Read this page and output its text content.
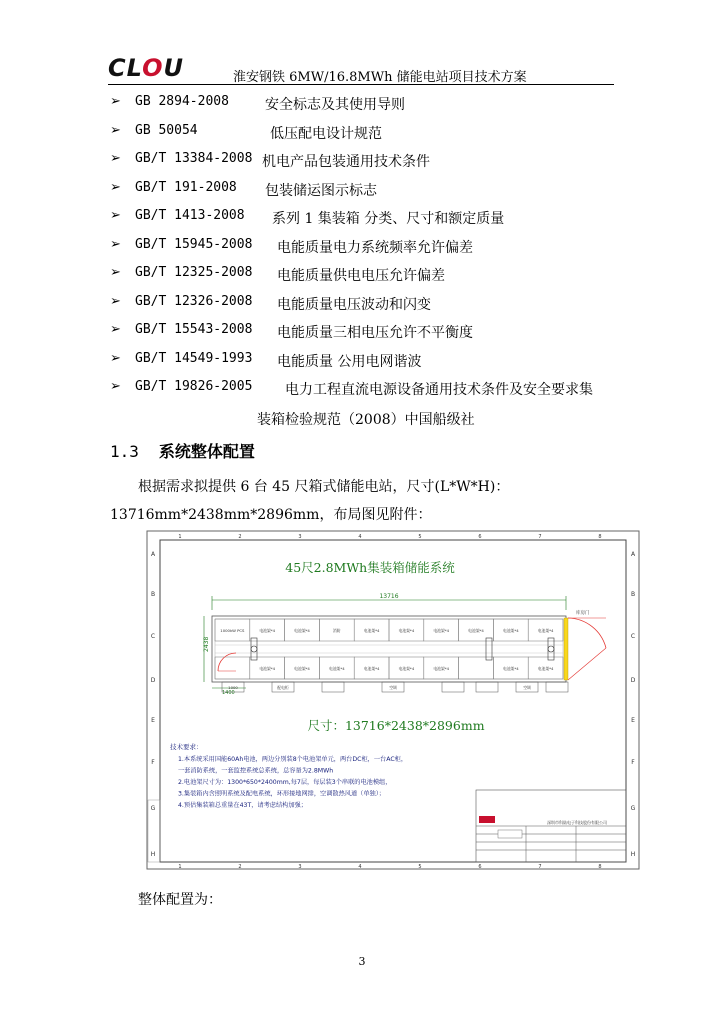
CLOU	淮安钢铁 6MW/16.8MWh 储能电站项目技术方案
➢ GB 2894-2008	安全标志及其使用导则
➢ GB 50054	低压配电设计规范
➢ GB/T 13384-2008 机电产品包装通用技术条件
➢ GB/T 191-2008 包装储运图示标志
➢ GB/T 1413-2008 系列 1 集装箱 分类、尺寸和额定质量
➢ GB/T 15945-2008 电能质量电力系统频率允许偏差
➢ GB/T 12325-2008 电能质量供电电压允许偏差
➢ GB/T 12326-2008 电能质量电压波动和闪变
➢ GB/T 15543-2008 电能质量三相电压允许不平衡度
➢ GB/T 14549-1993 电能质量 公用电网谐波
➢ GB/T 19826-2005 电力工程直流电源设备通用技术条件及安全要求集
装箱检验规范（2008）中国船级社
1.3 系统整体配置
根据需求拟提供 6 台 45 尺箱式储能电站，尺寸(L*W*H)：
13716mm*2438mm*2896mm，布局图见附件：
1
1
2
2
3
3
4
4
5
5
6
6
7
7
8
8
A	A
B	B
C	C
D	D
E	E
F	F
G	G
H	H
45尺2.8MWh集装箱储能系统
13716
1000kW PCS	电池架*4	电池架*4	消防	电池架*4	电池架*4	电池架*4	电池架*4	电池架*4	电池架*4
电池架*4	电池架*4	电池架*4	电池架*4	电池架*4	电池架*4	电池架*4	电池架*4
库房门
2438
1400
1000	配电柜	空调	空调
尺寸：13716*2438*2896mm
技术要求：
1.本系统采用国能60Ah电池，两边分别装8个电池架单元，两台DC柜，一台AC柜，
一套消防系统，一套监控系统总系统，总容量为2.8MWh
2.电池架尺寸为：1300*650*2400mm,每7层，每层装3个串联的电池模组，
3.集装箱内含照明系统及配电系统，环形接地网排，空调散热风道（单独）；
4.预估集装箱总重量在43T，请考虑结构加强；
深圳市科陆电子科技股份有限公司
整体配置为：
3
